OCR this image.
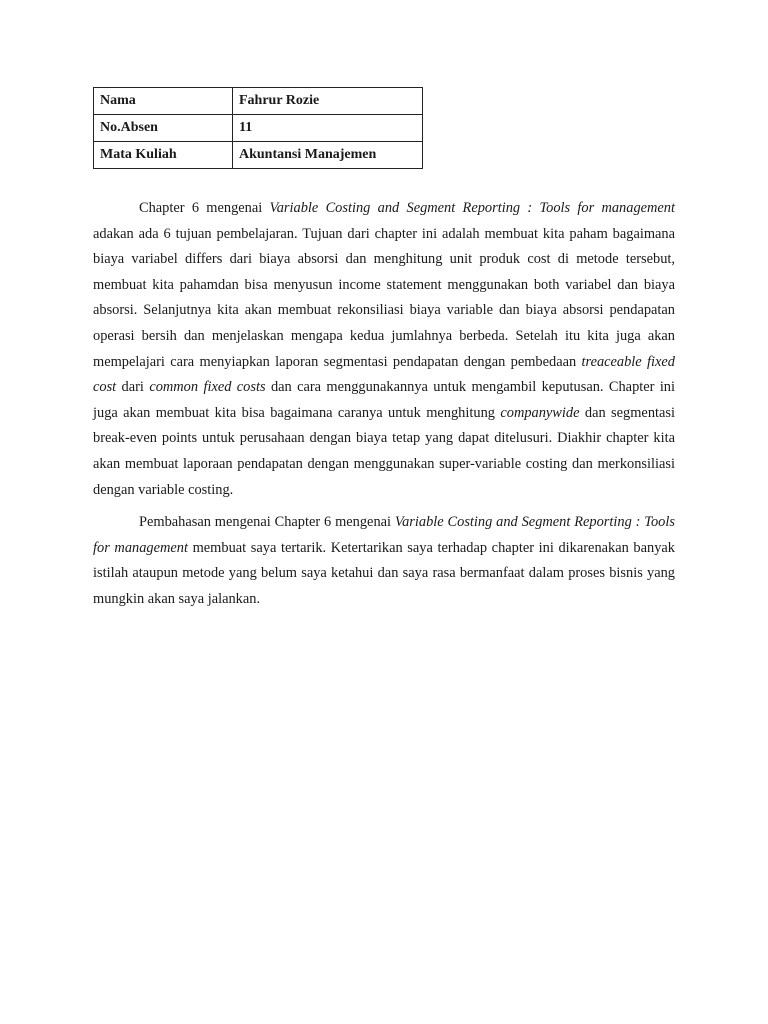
Nama	Fahrur Rozie
No.Absen	11
Mata Kuliah	Akuntansi Manajemen

Chapter 6 mengenai Variable Costing and Segment Reporting : Tools for management adakan ada 6 tujuan pembelajaran. Tujuan dari chapter ini adalah membuat kita paham bagaimana biaya variabel differs dari biaya absorsi dan menghitung unit produk cost di metode tersebut, membuat kita pahamdan bisa menyusun income statement menggunakan both variabel dan biaya absorsi. Selanjutnya kita akan membuat rekonsiliasi biaya variable dan biaya absorsi pendapatan operasi bersih dan menjelaskan mengapa kedua jumlahnya berbeda. Setelah itu kita juga akan mempelajari cara menyiapkan laporan segmentasi pendapatan dengan pembedaan treaceable fixed cost dari common fixed costs dan cara menggunakannya untuk mengambil keputusan. Chapter ini juga akan membuat kita bisa bagaimana caranya untuk menghitung companywide dan segmentasi break-even points untuk perusahaan dengan biaya tetap yang dapat ditelusuri. Diakhir chapter kita akan membuat laporaan pendapatan dengan menggunakan super-variable costing dan merkonsiliasi dengan variable costing.

Pembahasan mengenai Chapter 6 mengenai Variable Costing and Segment Reporting : Tools for management membuat saya tertarik. Ketertarikan saya terhadap chapter ini dikarenakan banyak istilah ataupun metode yang belum saya ketahui dan saya rasa bermanfaat dalam proses bisnis yang mungkin akan saya jalankan.
